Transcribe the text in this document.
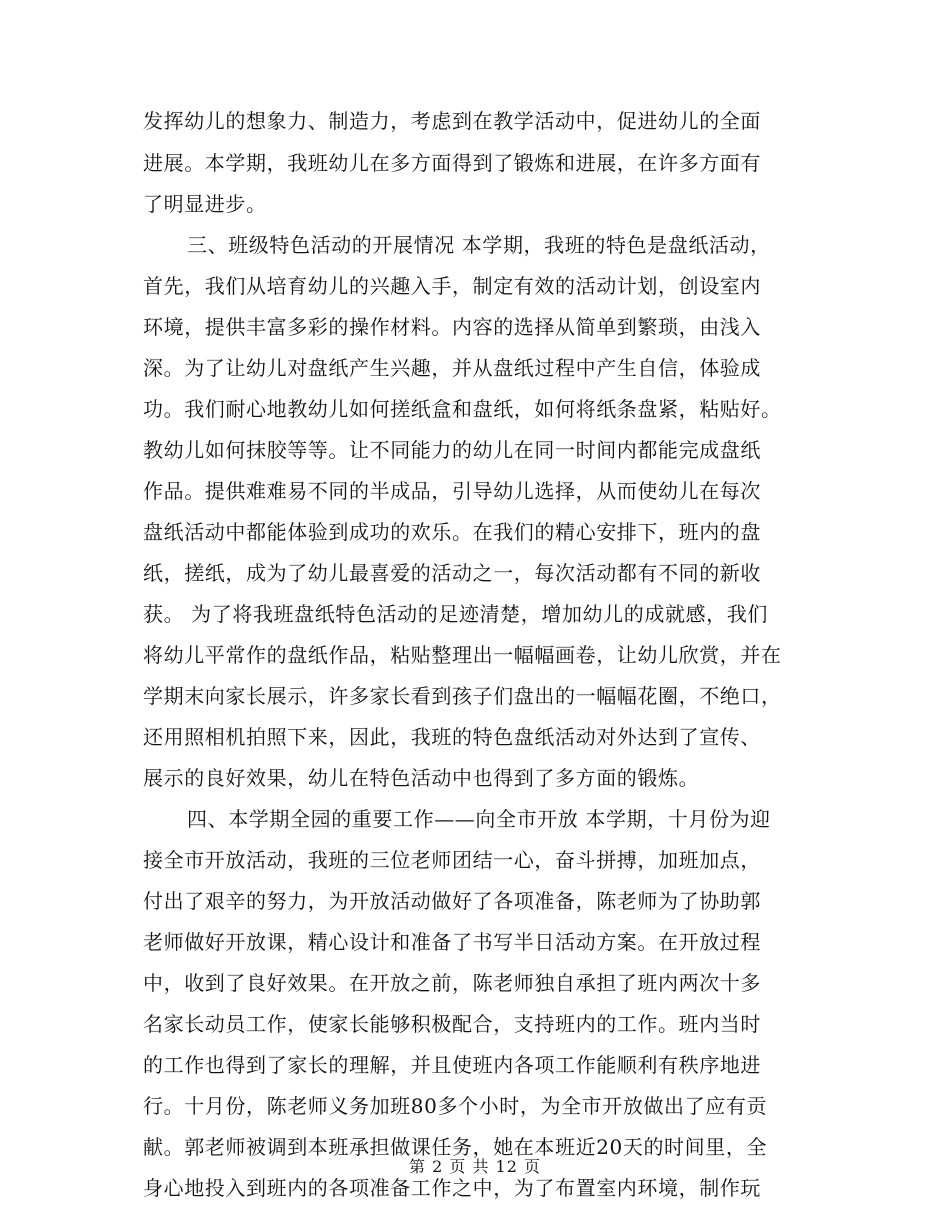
发挥幼儿的想象力、制造力，考虑到在教学活动中，促进幼儿的全面
进展。本学期，我班幼儿在多方面得到了锻炼和进展，在许多方面有
了明显进步。
三、班级特色活动的开展情况 本学期，我班的特色是盘纸活动，
首先，我们从培育幼儿的兴趣入手，制定有效的活动计划，创设室内
环境，提供丰富多彩的操作材料。内容的选择从简单到繁琐，由浅入
深。为了让幼儿对盘纸产生兴趣，并从盘纸过程中产生自信，体验成
功。我们耐心地教幼儿如何搓纸盒和盘纸，如何将纸条盘紧，粘贴好。
教幼儿如何抹胶等等。让不同能力的幼儿在同一时间内都能完成盘纸
作品。提供难难易不同的半成品，引导幼儿选择，从而使幼儿在每次
盘纸活动中都能体验到成功的欢乐。在我们的精心安排下，班内的盘
纸，搓纸，成为了幼儿最喜爱的活动之一，每次活动都有不同的新收
获。 为了将我班盘纸特色活动的足迹清楚，增加幼儿的成就感，我们
将幼儿平常作的盘纸作品，粘贴整理出一幅幅画卷，让幼儿欣赏，并在
学期末向家长展示，许多家长看到孩子们盘出的一幅幅花圈，不绝口，
还用照相机拍照下来，因此，我班的特色盘纸活动对外达到了宣传、
展示的良好效果，幼儿在特色活动中也得到了多方面的锻炼。
四、本学期全园的重要工作——向全市开放 本学期，十月份为迎
接全市开放活动，我班的三位老师团结一心，奋斗拼搏，加班加点，
付出了艰辛的努力，为开放活动做好了各项准备，陈老师为了协助郭
老师做好开放课，精心设计和准备了书写半日活动方案。在开放过程
中，收到了良好效果。在开放之前，陈老师独自承担了班内两次十多
名家长动员工作，使家长能够积极配合，支持班内的工作。班内当时
的工作也得到了家长的理解，并且使班内各项工作能顺利有秩序地进
行。十月份，陈老师义务加班80多个小时，为全市开放做出了应有贡
献。郭老师被调到本班承担做课任务，她在本班近20天的时间里，全
身心地投入到班内的各项准备工作之中，为了布置室内环境，制作玩
第 2 页 共 12 页
